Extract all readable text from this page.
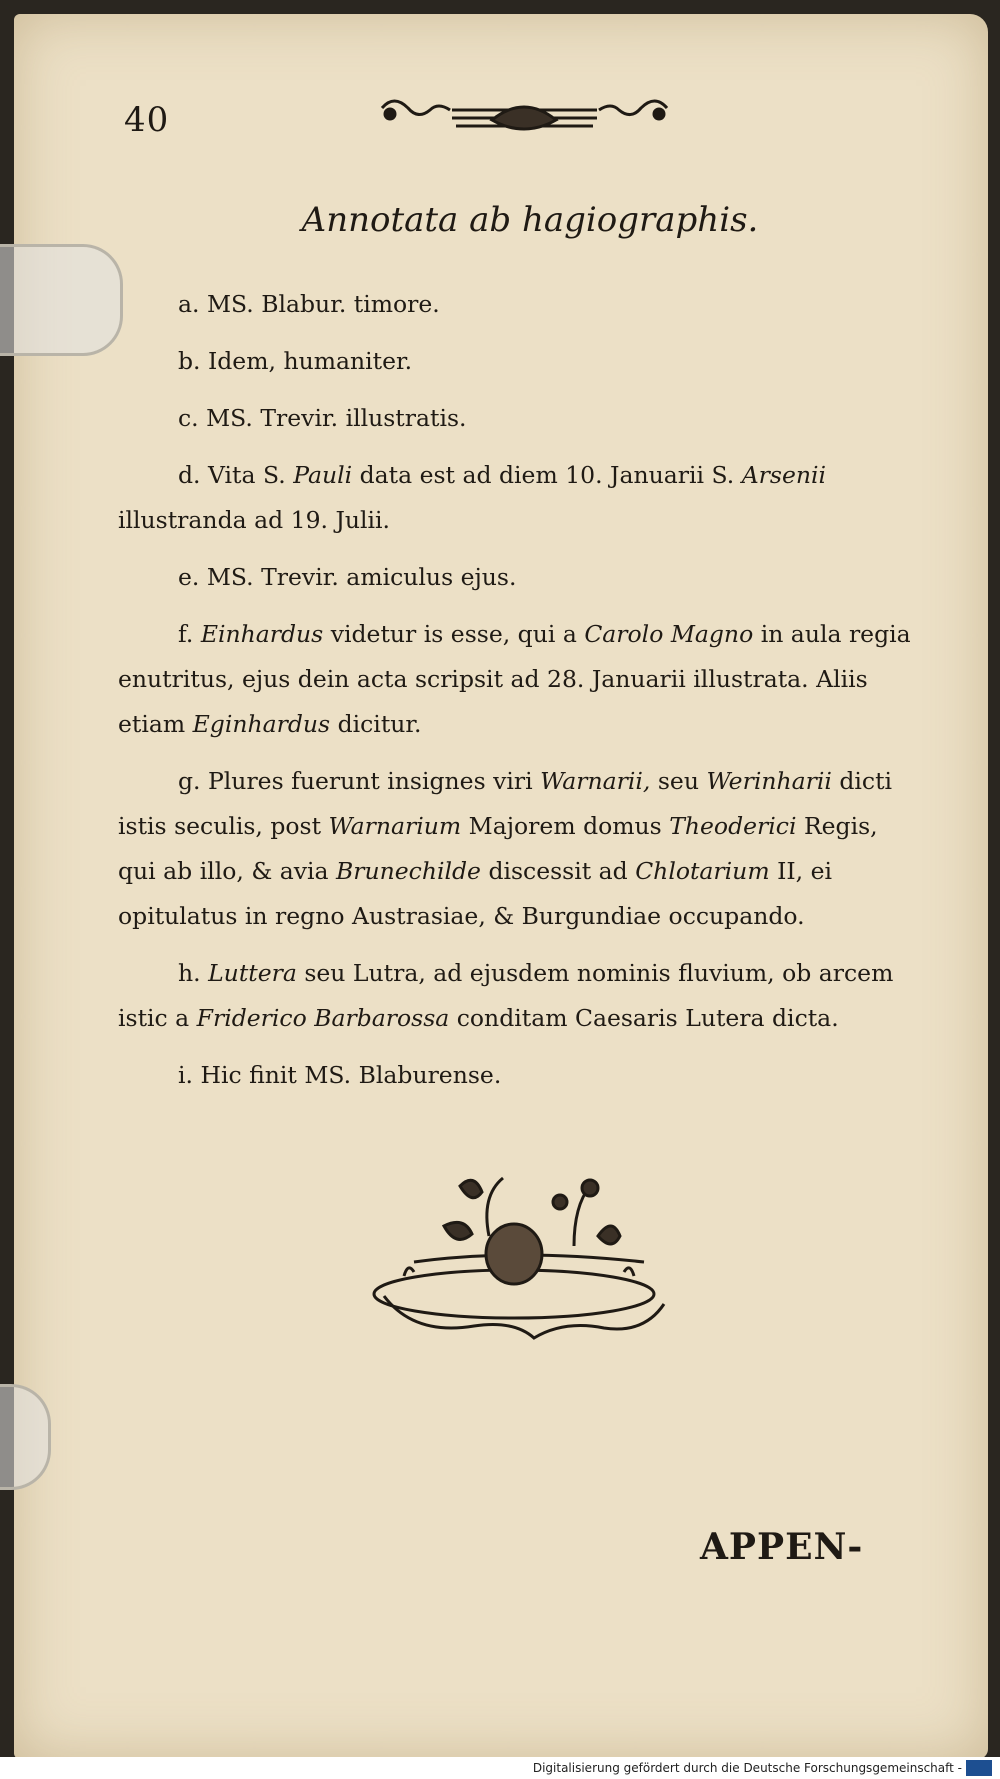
40
Annotata ab hagiographis.

a. MS. Blabur. timore.

b. Idem, humaniter.

c. MS. Trevir. illustratis.

d. Vita S. Pauli data est ad diem 10. Januarii S. Arsenii illustranda ad 19. Julii.

e. MS. Trevir. amiculus ejus.

f. Einhardus videtur is esse, qui a Carolo Magno in aula regia enutritus, ejus dein acta scripsit ad 28. Januarii illustrata. Aliis etiam Eginhardus dicitur.

g. Plures fuerunt insignes viri Warnarii, seu Werinharii dicti istis seculis, post Warnarium Majorem domus Theoderici Regis, qui ab illo, & avia Brunechilde discessit ad Chlotarium II, ei opitulatus in regno Austrasiae, & Burgundiae occupando.

h. Luttera seu Lutra, ad ejusdem nominis fluvium, ob arcem istic a Friderico Barbarossa conditam Caesaris Lutera dicta.

i. Hic finit MS. Blaburense.

APPEN-
Digitalisierung gefördert durch die Deutsche Forschungsgemeinschaft -
